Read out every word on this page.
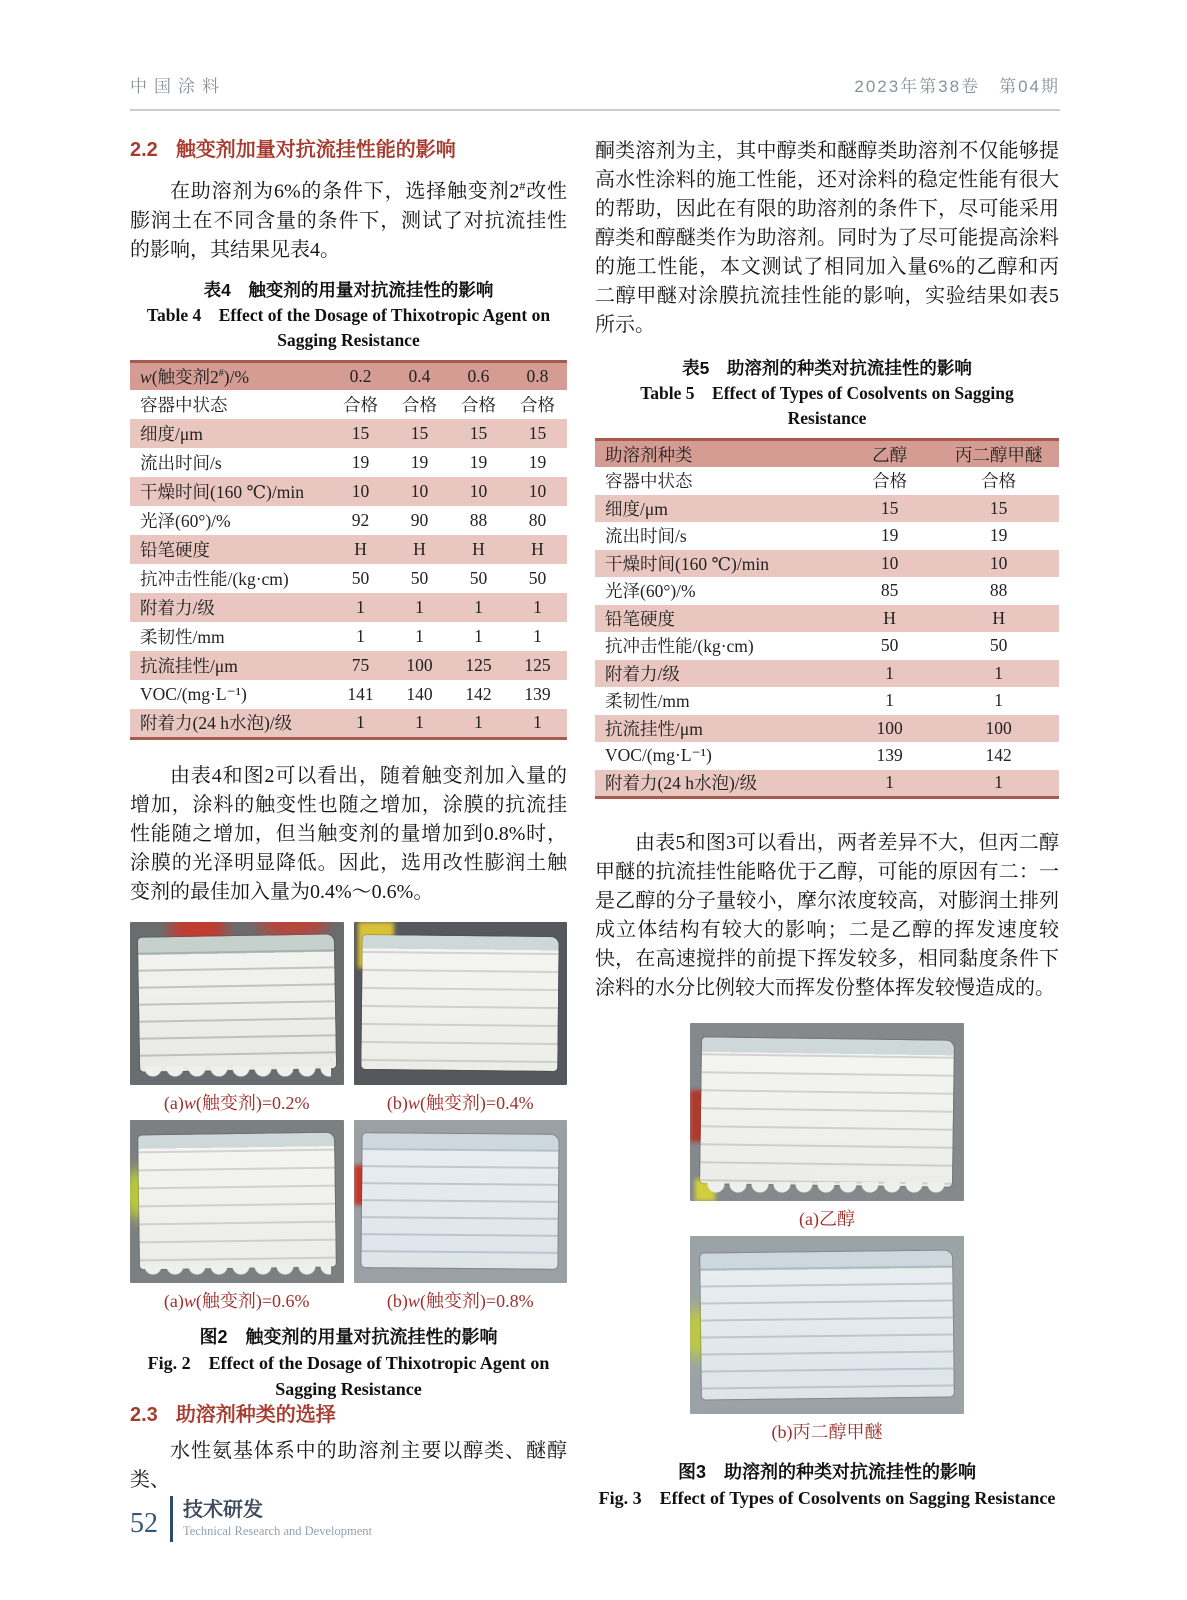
中国涂料	2023年第38卷　第04期
2.2 触变剂加量对抗流挂性能的影响

在助溶剂为6%的条件下，选择触变剂2#改性膨润土在不同含量的条件下，测试了对抗流挂性的影响，其结果见表4。

表4　触变剂的用量对抗流挂性的影响
Table 4　Effect of the Dosage of Thixotropic Agent on
Sagging Resistance
w(触变剂2#)/%	0.2	0.4	0.6	0.8
容器中状态	合格	合格	合格	合格
细度/μm	15	15	15	15
流出时间/s	19	19	19	19
干燥时间(160 ℃)/min	10	10	10	10
光泽(60°)/%	92	90	88	80
铅笔硬度	H	H	H	H
抗冲击性能/(kg·cm)	50	50	50	50
附着力/级	1	1	1	1
柔韧性/mm	1	1	1	1
抗流挂性/μm	75	100	125	125
VOC/(mg·L⁻¹)	141	140	142	139
附着力(24 h水泡)/级	1	1	1	1

由表4和图2可以看出，随着触变剂加入量的增加，涂料的触变性也随之增加，涂膜的抗流挂性能随之增加，但当触变剂的量增加到0.8%时，涂膜的光泽明显降低。因此，选用改性膨润土触变剂的最佳加入量为0.4%～0.6%。

(a)w(触变剂)=0.2%	(b)w(触变剂)=0.4%
(a)w(触变剂)=0.6%	(b)w(触变剂)=0.8%
图2　触变剂的用量对抗流挂性的影响
Fig. 2　Effect of the Dosage of Thixotropic Agent on
Sagging Resistance
2.3 助溶剂种类的选择

水性氨基体系中的助溶剂主要以醇类、醚醇类、

酮类溶剂为主，其中醇类和醚醇类助溶剂不仅能够提高水性涂料的施工性能，还对涂料的稳定性能有很大的帮助，因此在有限的助溶剂的条件下，尽可能采用醇类和醇醚类作为助溶剂。同时为了尽可能提高涂料的施工性能，本文测试了相同加入量6%的乙醇和丙二醇甲醚对涂膜抗流挂性能的影响，实验结果如表5所示。

表5　助溶剂的种类对抗流挂性的影响
Table 5　Effect of Types of Cosolvents on Sagging
Resistance
助溶剂种类	乙醇	丙二醇甲醚
容器中状态	合格	合格
细度/μm	15	15
流出时间/s	19	19
干燥时间(160 ℃)/min	10	10
光泽(60°)/%	85	88
铅笔硬度	H	H
抗冲击性能/(kg·cm)	50	50
附着力/级	1	1
柔韧性/mm	1	1
抗流挂性/μm	100	100
VOC/(mg·L⁻¹)	139	142
附着力(24 h水泡)/级	1	1

由表5和图3可以看出，两者差异不大，但丙二醇甲醚的抗流挂性能略优于乙醇，可能的原因有二：一是乙醇的分子量较小，摩尔浓度较高，对膨润土排列成立体结构有较大的影响；二是乙醇的挥发速度较快，在高速搅拌的前提下挥发较多，相同黏度条件下涂料的水分比例较大而挥发份整体挥发较慢造成的。

(a)乙醇
(b)丙二醇甲醚
图3　助溶剂的种类对抗流挂性的影响
Fig. 3　Effect of Types of Cosolvents on Sagging Resistance
52 技术研发
Technical Research and Development
